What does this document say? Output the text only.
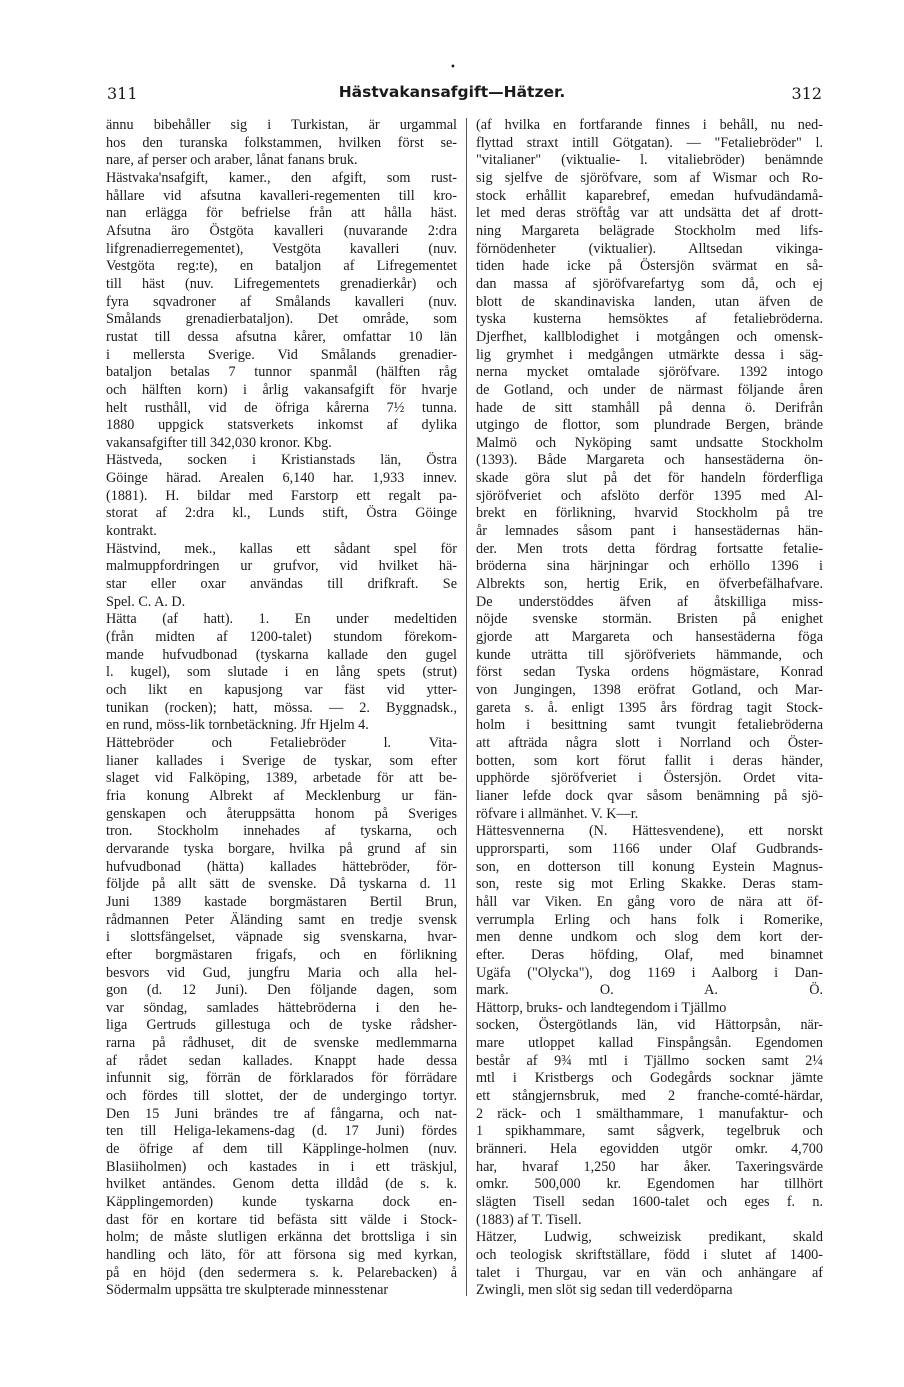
•
311	Hästvakansafgift—Hätzer.	312
ännu bibehåller sig i Turkistan, är urgammal
hos den turanska folkstammen, hvilken först se-
nare, af perser och araber, lånat fanans bruk.
Hästvaka'nsafgift, kamer., den afgift, som rust-
hållare vid afsutna kavalleri-regementen till kro-
nan erlägga för befrielse från att hålla häst.
Afsutna äro Östgöta kavalleri (nuvarande 2:dra
lifgrenadierregementet), Vestgöta kavalleri (nuv.
Vestgöta reg:te), en bataljon af Lifregementet
till häst (nuv. Lifregementets grenadierkår) och
fyra sqvadroner af Smålands kavalleri (nuv.
Smålands grenadierbataljon). Det område, som
rustat till dessa afsutna kårer, omfattar 10 län
i mellersta Sverige. Vid Smålands grenadier-
bataljon betalas 7 tunnor spanmål (hälften råg
och hälften korn) i årlig vakansafgift för hvarje
helt rusthåll, vid de öfriga kårerna 7½ tunna.
1880 uppgick statsverkets inkomst af dylika
vakansafgifter till 342,030 kronor. Kbg.
Hästveda, socken i Kristianstads län, Östra
Göinge härad. Arealen 6,140 har. 1,933 innev.
(1881). H. bildar med Farstorp ett regalt pa-
storat af 2:dra kl., Lunds stift, Östra Göinge
kontrakt.
Hästvind, mek., kallas ett sådant spel för
malmuppfordringen ur grufvor, vid hvilket hä-
star eller oxar användas till drifkraft. Se
Spel. C. A. D.
Hätta (af hatt). 1. En under medeltiden
(från midten af 1200-talet) stundom förekom-
mande hufvudbonad (tyskarna kallade den gugel
l. kugel), som slutade i en lång spets (strut)
och likt en kapusjong var fäst vid ytter-
tunikan (rocken); hatt, mössa. — 2. Byggnadsk.,
en rund, möss-lik tornbetäckning. Jfr Hjelm 4.
Hättebröder och Fetaliebröder l. Vita-
lianer kallades i Sverige de tyskar, som efter
slaget vid Falköping, 1389, arbetade för att be-
fria konung Albrekt af Mecklenburg ur fän-
genskapen och återuppsätta honom på Sveriges
tron. Stockholm innehades af tyskarna, och
dervarande tyska borgare, hvilka på grund af sin
hufvudbonad (hätta) kallades hättebröder, för-
följde på allt sätt de svenske. Då tyskarna d. 11
Juni 1389 kastade borgmästaren Bertil Brun,
rådmannen Peter Äländing samt en tredje svensk
i slottsfängelset, väpnade sig svenskarna, hvar-
efter borgmästaren frigafs, och en förlikning
besvors vid Gud, jungfru Maria och alla hel-
gon (d. 12 Juni). Den följande dagen, som
var söndag, samlades hättebröderna i den he-
liga Gertruds gillestuga och de tyske rådsher-
rarna på rådhuset, dit de svenske medlemmarna
af rådet sedan kallades. Knappt hade dessa
infunnit sig, förrän de förklarados för förrädare
och fördes till slottet, der de undergingo tortyr.
Den 15 Juni brändes tre af fångarna, och nat-
ten till Heliga-lekamens-dag (d. 17 Juni) fördes
de öfrige af dem till Käpplinge-holmen (nuv.
Blasiiholmen) och kastades in i ett träskjul,
hvilket antändes. Genom detta illdåd (de s. k.
Käpplingemorden) kunde tyskarna dock en-
dast för en kortare tid befästa sitt välde i Stock-
holm; de måste slutligen erkänna det brottsliga i sin
handling och läto, för att försona sig med kyrkan,
på en höjd (den sedermera s. k. Pelarebacken) å
Södermalm uppsätta tre skulpterade minnesstenar
(af hvilka en fortfarande finnes i behåll, nu ned-
flyttad straxt intill Götgatan). — "Fetaliebröder" l.
"vitalianer" (viktualie- l. vitaliebröder) benämnde
sig sjelfve de sjöröfvare, som af Wismar och Ro-
stock erhållit kaparebref, emedan hufvudändamå-
let med deras ströftåg var att undsätta det af drott-
ning Margareta belägrade Stockholm med lifs-
förnödenheter (viktualier). Alltsedan vikinga-
tiden hade icke på Östersjön svärmat en så-
dan massa af sjöröfvarefartyg som då, och ej
blott de skandinaviska landen, utan äfven de
tyska kusterna hemsöktes af fetaliebröderna.
Djerfhet, kallblodighet i motgången och omensk-
lig grymhet i medgången utmärkte dessa i säg-
nerna mycket omtalade sjöröfvare. 1392 intogo
de Gotland, och under de närmast följande åren
hade de sitt stamhåll på denna ö. Derifrån
utgingo de flottor, som plundrade Bergen, brände
Malmö och Nyköping samt undsatte Stockholm
(1393). Både Margareta och hansestäderna ön-
skade göra slut på det för handeln förderfliga
sjöröfveriet och afslöto derför 1395 med Al-
brekt en förlikning, hvarvid Stockholm på tre
år lemnades såsom pant i hansestädernas hän-
der. Men trots detta fördrag fortsatte fetalie-
bröderna sina härjningar och erhöllo 1396 i
Albrekts son, hertig Erik, en öfverbefälhafvare.
De understöddes äfven af åtskilliga miss-
nöjde svenske stormän. Bristen på enighet
gjorde att Margareta och hansestäderna föga
kunde uträtta till sjöröfveriets hämmande, och
först sedan Tyska ordens högmästare, Konrad
von Jungingen, 1398 eröfrat Gotland, och Mar-
gareta s. å. enligt 1395 års fördrag tagit Stock-
holm i besittning samt tvungit fetaliebröderna
att afträda några slott i Norrland och Öster-
botten, som kort förut fallit i deras händer,
upphörde sjöröfveriet i Östersjön. Ordet vita-
lianer lefde dock qvar såsom benämning på sjö-
röfvare i allmänhet. V. K—r.
Hättesvennerna (N. Hättesvendene), ett norskt
upprorsparti, som 1166 under Olaf Gudbrands-
son, en dotterson till konung Eystein Magnus-
son, reste sig mot Erling Skakke. Deras stam-
håll var Viken. En gång voro de nära att öf-
verrumpla Erling och hans folk i Romerike,
men denne undkom och slog dem kort der-
efter. Deras höfding, Olaf, med binamnet
Ugäfa ("Olycka"), dog 1169 i Aalborg i Dan-
mark. O. A. Ö.
Hättorp, bruks- och landtegendom i Tjällmo
socken, Östergötlands län, vid Hättorpsån, när-
mare utloppet kallad Finspångsån. Egendomen
består af 9¾ mtl i Tjällmo socken samt 2¼
mtl i Kristbergs och Godegårds socknar jämte
ett stångjernsbruk, med 2 franche-comté-härdar,
2 räck- och 1 smälthammare, 1 manufaktur- och
1 spikhammare, samt sågverk, tegelbruk och
bränneri. Hela egovidden utgör omkr. 4,700
har, hvaraf 1,250 har åker. Taxeringsvärde
omkr. 500,000 kr. Egendomen har tillhört
slägten Tisell sedan 1600-talet och eges f. n.
(1883) af T. Tisell.
Hätzer, Ludwig, schweizisk predikant, skald
och teologisk skriftställare, född i slutet af 1400-
talet i Thurgau, var en vän och anhängare af
Zwingli, men slöt sig sedan till vederdöparna
